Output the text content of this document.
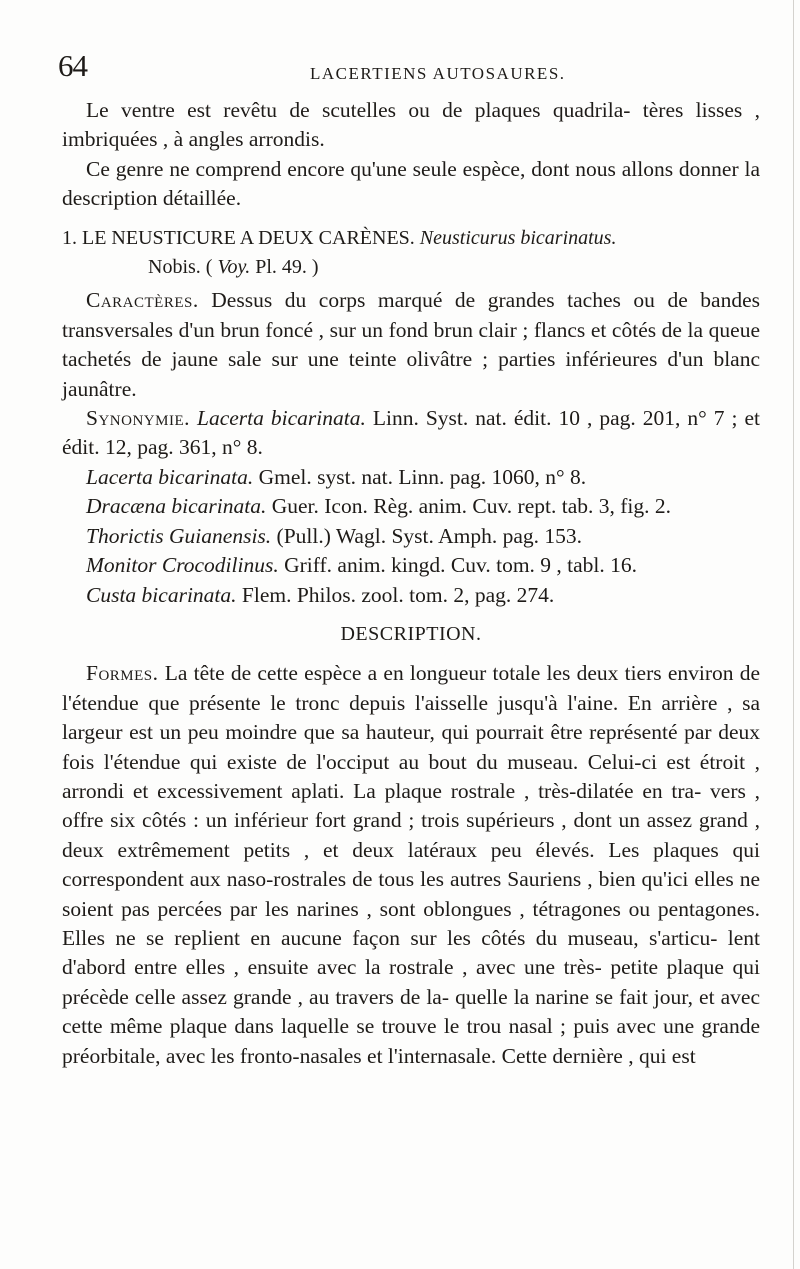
64	LACERTIENS AUTOSAURES.

Le ventre est revêtu de scutelles ou de plaques quadrila- tères lisses , imbriquées , à angles arrondis.

Ce genre ne comprend encore qu'une seule espèce, dont nous allons donner la description détaillée.

1. LE NEUSTICURE A DEUX CARÈNES. Neusticurus bicarinatus.
Nobis. ( Voy. Pl. 49. )

Caractères. Dessus du corps marqué de grandes taches ou de bandes transversales d'un brun foncé , sur un fond brun clair ; flancs et côtés de la queue tachetés de jaune sale sur une teinte olivâtre ; parties inférieures d'un blanc jaunâtre.

Synonymie. Lacerta bicarinata. Linn. Syst. nat. édit. 10 , pag. 201, n° 7 ; et édit. 12, pag. 361, n° 8.

Lacerta bicarinata. Gmel. syst. nat. Linn. pag. 1060, n° 8.

Dracæna bicarinata. Guer. Icon. Règ. anim. Cuv. rept. tab. 3, fig. 2.

Thorictis Guianensis. (Pull.) Wagl. Syst. Amph. pag. 153.

Monitor Crocodilinus. Griff. anim. kingd. Cuv. tom. 9 , tabl. 16.

Custa bicarinata. Flem. Philos. zool. tom. 2, pag. 274.

DESCRIPTION.

Formes. La tête de cette espèce a en longueur totale les deux tiers environ de l'étendue que présente le tronc depuis l'aisselle jusqu'à l'aine. En arrière , sa largeur est un peu moindre que sa hauteur, qui pourrait être représenté par deux fois l'étendue qui existe de l'occiput au bout du museau. Celui-ci est étroit , arrondi et excessivement aplati. La plaque rostrale , très-dilatée en tra- vers , offre six côtés : un inférieur fort grand ; trois supérieurs , dont un assez grand , deux extrêmement petits , et deux latéraux peu élevés. Les plaques qui correspondent aux naso-rostrales de tous les autres Sauriens , bien qu'ici elles ne soient pas percées par les narines , sont oblongues , tétragones ou pentagones. Elles ne se replient en aucune façon sur les côtés du museau, s'articu- lent d'abord entre elles , ensuite avec la rostrale , avec une très- petite plaque qui précède celle assez grande , au travers de la- quelle la narine se fait jour, et avec cette même plaque dans laquelle se trouve le trou nasal ; puis avec une grande préorbitale, avec les fronto-nasales et l'internasale. Cette dernière , qui est
